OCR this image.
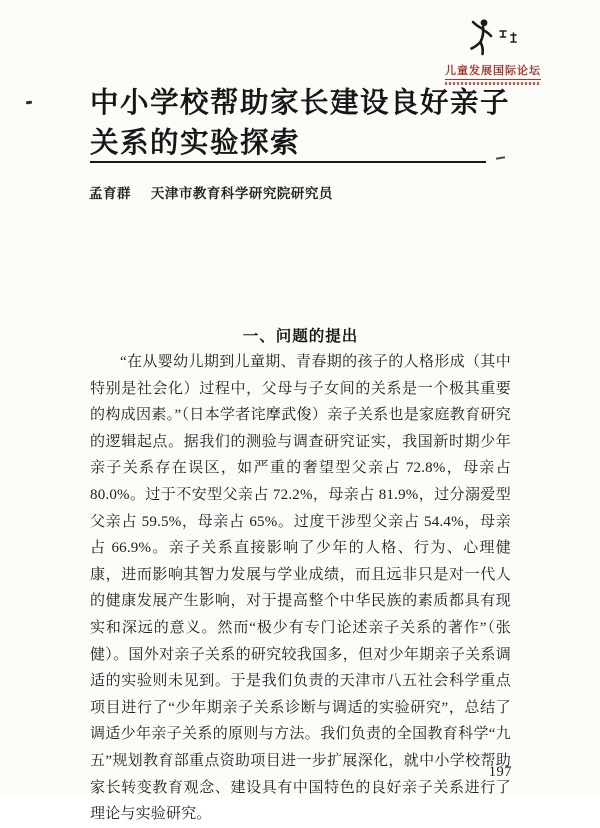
儿童发展国际论坛
中小学校帮助家长建设良好亲子
关系的实验探索
孟育群 天津市教育科学研究院研究员
一、问题的提出
“在从婴幼儿期到儿童期、青春期的孩子的人格形成（其中特别是社会化）过程中，父母与子女间的关系是一个极其重要的构成因素。”（日本学者诧摩武俊）亲子关系也是家庭教育研究的逻辑起点。据我们的测验与调查研究证实，我国新时期少年亲子关系存在误区，如严重的奢望型父亲占 72.8%，母亲占 80.0%。过于不安型父亲占 72.2%，母亲占 81.9%，过分溺爱型父亲占 59.5%，母亲占 65%。过度干涉型父亲占 54.4%，母亲占 66.9%。亲子关系直接影响了少年的人格、行为、心理健康，进而影响其智力发展与学业成绩，而且远非只是对一代人的健康发展产生影响，对于提高整个中华民族的素质都具有现实和深远的意义。然而“极少有专门论述亲子关系的著作”（张健）。国外对亲子关系的研究较我国多，但对少年期亲子关系调适的实验则未见到。于是我们负责的天津市八五社会科学重点项目进行了“少年期亲子关系诊断与调适的实验研究”，总结了调适少年亲子关系的原则与方法。我们负责的全国教育科学“九五”规划教育部重点资助项目进一步扩展深化，就中小学校帮助家长转变教育观念、建设具有中国特色的良好亲子关系进行了理论与实验研究。
197
